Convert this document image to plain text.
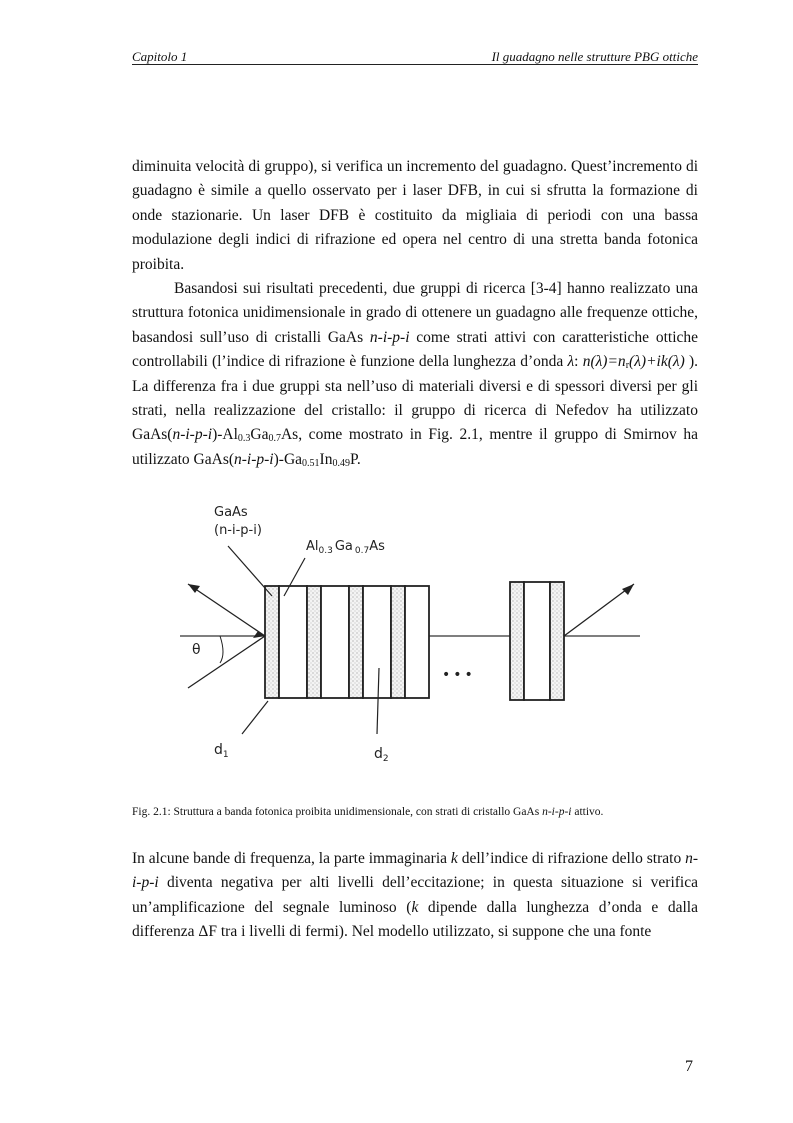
Capitolo 1	Il guadagno nelle strutture PBG ottiche

diminuita velocità di gruppo), si verifica un incremento del guadagno. Quest’incremento di guadagno è simile a quello osservato per i laser DFB, in cui si sfrutta la formazione di onde stazionarie. Un laser DFB è costituito da migliaia di periodi con una bassa modulazione degli indici di rifrazione ed opera nel centro di una stretta banda fotonica proibita.

Basandosi sui risultati precedenti, due gruppi di ricerca [3-4] hanno realizzato una struttura fotonica unidimensionale in grado di ottenere un guadagno alle frequenze ottiche, basandosi sull’uso di cristalli GaAs n-i-p-i come strati attivi con caratteristiche ottiche controllabili (l’indice di rifrazione è funzione della lunghezza d’onda λ: $n(\lambda)=n_r(\lambda)+ik(\lambda)$ ). La differenza fra i due gruppi sta nell’uso di materiali diversi e di spessori diversi per gli strati, nella realizzazione del cristallo: il gruppo di ricerca di Nefedov ha utilizzato $GaAs(n-i-p-i)-Al_{0.3}Ga_{0.7}As$, come mostrato in Fig. 2.1, mentre il gruppo di Smirnov ha utilizzato $GaAs(n-i-p-i)-Ga_{0.51}In_{0.49}P$.

GaAs
(n-i-p-i)
$Al_{0.3}$ Ga $_{0.7}$As
θ
•••
$d_1$	$d_2$
Fig. 2.1: Struttura a banda fotonica proibita unidimensionale, con strati di cristallo GaAs n-i-p-i attivo.

In alcune bande di frequenza, la parte immaginaria k dell’indice di rifrazione dello strato n-i-p-i diventa negativa per alti livelli dell’eccitazione; in questa situazione si verifica un’amplificazione del segnale luminoso (k dipende dalla lunghezza d’onda e dalla differenza ΔF tra i livelli di fermi). Nel modello utilizzato, si suppone che una fonte

7
